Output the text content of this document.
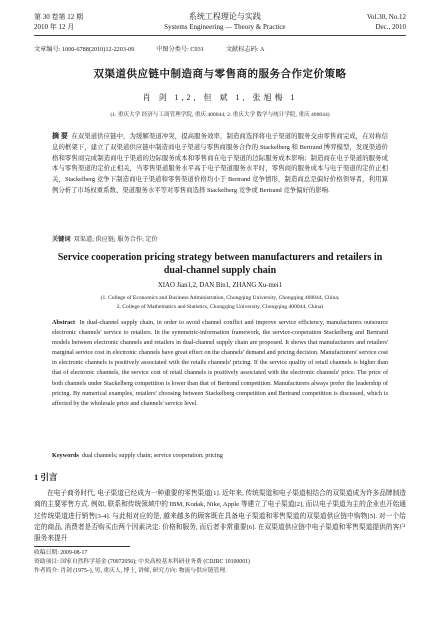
第 30 卷第 12 期	系统工程理论与实践	Vol.30, No.12
2010 年 12 月	Systems Engineering — Theory & Practice	Dec., 2010
文章编号: 1000-6788(2010)12-2203-09	中图分类号: C931	文献标志码: A
双渠道供应链中制造商与零售商的服务合作定价策略
肖 剑 1,2, 但 斌 1, 张旭梅 1
(1. 重庆大学 经济与工商管理学院, 重庆 400044; 2. 重庆大学 数学与统计学院, 重庆 400044)
摘 要 在双渠道供应链中，为缓解渠道冲突，提高服务效率，制造商选择将电子渠道的服务交由零售商完成，在对称信息的框架下，建立了双渠道供应链中制造商电子渠道与零售商服务合作的 Stackelberg 和 Bertrand 博弈模型，发现渠道价格和零售商完成制造商电子渠道的边际服务成本和零售商在电子渠道的边际服务成本影响；制造商在电子渠道的服务成本与零售渠道的定价正相关，当零售渠道服务水平高于电子渠道服务水平时，零售商的服务成本与电子渠道的定价正相关，Stackelberg 竞争下制造商电子渠道和零售渠道价格均小于 Bertrand 竞争情形，制造商总是偏好价格领导者，利用算例分析了市场权重系数、渠道服务水平等对零售商选择 Stackelberg 竞争或 Bertrand 竞争偏好的影响.
Service cooperation pricing strategy between manufacturers and retailers in dual-channel supply chain
XIAO Jian1,2, DAN Bin1, ZHANG Xu-mei1
(1. College of Economics and Business Administration, Chongqing University, Chongqing 400044, China;
2. College of Mathematics and Statistics, Chongqing University, Chongqing 400044, China)
Abstract In dual-channel supply chain, in order to avoid channel conflict and improve service efficiency, manufacturers outsource electronic channels' service to retailers. In the symmetric-information framework, the service-cooperation Stackelberg and Bertrand models between electronic channels and retailers in dual-channel supply chain are proposed. It shows that manufacturers and retailers' marginal service cost in electronic channels have great effect on the channels' demand and pricing decision. Manufacturers' service cost in electronic channels is positively associated with the retails channels' pricing. If the service quality of retail channels is higher than that of electronic channels, the service cost of retail channels is positively associated with the electronic channels' price. The price of both channels under Stackelberg competition is lower than that of Bertrand competition. Manufacturers always prefer the leadership of pricing. By numerical examples, retailers' choosing between Stackelberg competition and Bertrand competition is discussed, which is affected by the wholesale price and channels' service level.
Keywords dual channels; supply chain; service cooperation; pricing
1 引言
在电子商务时代, 电子渠道已经成为一种重要的零售渠道[1]. 近年来, 传统渠道和电子渠道相结合的双渠道成为许多品牌制造商的主要零售方式. 例如, 联系和传统领域中的 IBM, Kodak, Nike, Apple 等建立了电子渠道[2], 而以电子渠道为主的企业也开始通过传统渠道进行销售[3-4]. 与此相对应的是, 越来越多的顾客既在具备电子渠道和零售渠道的双渠道供应链中购物[5]. 对一个给定的商品, 消费者是否购买由两个因素决定: 价格和服务, 而后者非常重要[6]. 在双渠道供应链中电子渠道和零售渠道提供的客户服务来提升
收稿日期: 2009-08-17
资助项目: 国家自然科学基金 (70972056); 中央高校基本科研业务费 (CDJRC 10100001)
作者简介: 肖剑 (1975–), 男, 重庆人, 博士, 讲师, 研究方向: 物流与供应链管理.
关键词 双渠道; 供应链; 服务合作; 定价
